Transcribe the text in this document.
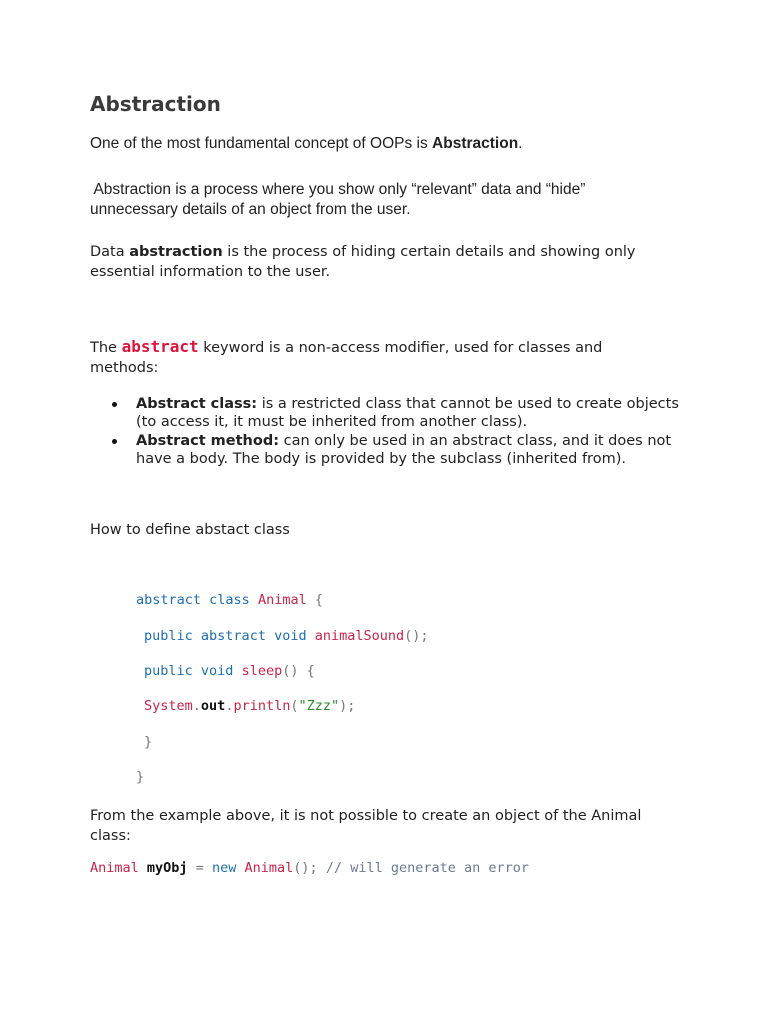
Abstraction
One of the most fundamental concept of OOPs is Abstraction.
Abstraction is a process where you show only “relevant” data and “hide”
unnecessary details of an object from the user.
Data abstraction is the process of hiding certain details and showing only
essential information to the user.
The abstract keyword is a non-access modifier, used for classes and
methods:
Abstract class: is a restricted class that cannot be used to create objects
(to access it, it must be inherited from another class).
Abstract method: can only be used in an abstract class, and it does not
have a body. The body is provided by the subclass (inherited from).
How to define abstact class
abstract class Animal {
public abstract void animalSound();
public void sleep() {
System.out.println("Zzz");
}
}
From the example above, it is not possible to create an object of the Animal
class:
Animal myObj = new Animal(); // will generate an error
